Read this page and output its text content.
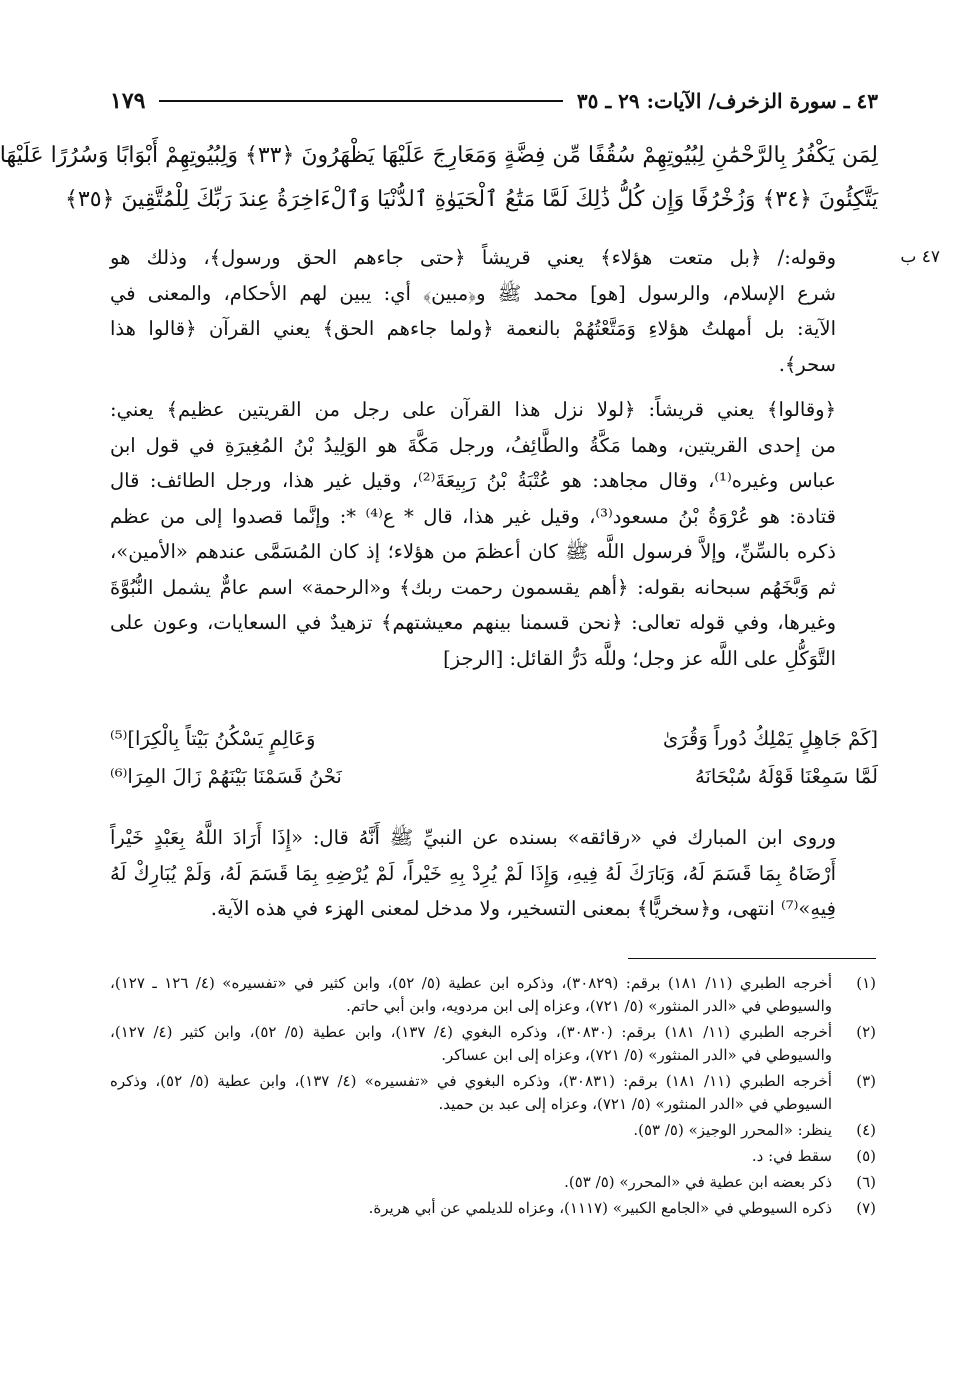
٤٣ ـ سورة الزخرف/ الآيات: ٢٩ ـ ٣٥
١٧٩
لِمَن يَكْفُرُ بِالرَّحْمَٰنِ لِبُيُوتِهِمْ سُقُفًا مِّن فِضَّةٍ وَمَعَارِجَ عَلَيْهَا يَظْهَرُونَ ﴿٣٣﴾ وَلِبُيُوتِهِمْ أَبْوَابًا وَسُرُرًا عَلَيْهَا
يَتَّكِئُونَ ﴿٣٤﴾ وَزُخْرُفًا وَإِن كُلُّ ذَٰلِكَ لَمَّا مَتَٰعُ ٱلْحَيَوٰةِ ٱلدُّنْيَا وَٱلْءَاخِرَةُ عِندَ رَبِّكَ لِلْمُتَّقِينَ ﴿٣٥﴾
٤٧ ب

وقوله:/ ﴿بل متعت هؤلاء﴾ يعني قريشاً ﴿حتى جاءهم الحق ورسول﴾، وذلك هو
شرع الإسلام، والرسول [هو] محمد ﷺ و﴿مبين﴾ أي: يبين لهم الأحكام، والمعنى في
الآية: بل أمهلتُ هؤلاءِ وَمَتَّعْتُهُمْ بالنعمة ﴿ولما جاءهم الحق﴾ يعني القرآن ﴿قالوا هذا
سحر﴾.

﴿وقالوا﴾ يعني قريشاً: ﴿لولا نزل هذا القرآن على رجل من القريتين عظيم﴾ يعني:
من إحدى القريتين، وهما مَكَّةُ والطَّائِفُ، ورجل مَكَّةَ هو الوَلِيدُ بْنُ المُغِيرَةِ في قول ابن
عباس وغيره⁽¹⁾، وقال مجاهد: هو عُتْبَةُ بْنُ رَبِيعَةَ⁽²⁾، وقيل غير هذا، ورجل الطائف: قال
قتادة: هو عُرْوَةُ بْنُ مسعود⁽³⁾، وقيل غير هذا، قال * ع⁽⁴⁾ *: وإنَّما قصدوا إلى من عظم
ذكره بالسِّنِّ، وإلاَّ فرسول اللَّه ﷺ كان أعظمَ من هؤلاء؛ إذ كان المُسَمَّى عندهم «الأمين»،
ثم وَبَّخَهُم سبحانه بقوله: ﴿أهم يقسمون رحمت ربك﴾ و«الرحمة» اسم عامٌّ يشمل النُّبُوَّةَ
وغيرها، وفي قوله تعالى: ﴿نحن قسمنا بينهم معيشتهم﴾ تزهيدٌ في السعايات، وعون على
التَّوَكُّلِ على اللَّه عز وجل؛ وللَّه دَرُّ القائل: [الرجز]

[كَمْ جَاهِلٍ يَمْلِكُ دُوراً وَقُرَىٰ
وَعَالِمٍ يَسْكُنُ بَيْتاً بِالْكِرَا]⁽⁵⁾
لَمَّا سَمِعْنَا قَوْلَهُ سُبْحَانَهُ
نَحْنُ قَسَمْنَا بَيْنَهُمْ زَالَ المِرَا⁽⁶⁾

وروى ابن المبارك في «رقائقه» بسنده عن النبيِّ ﷺ أَنَّهُ قال: «إِذَا أَرَادَ اللَّهُ بِعَبْدٍ خَيْراً
أَرْضَاهُ بِمَا قَسَمَ لَهُ، وَبَارَكَ لَهُ فِيهِ، وَإِذَا لَمْ يُرِدْ بِهِ خَيْراً، لَمْ يُرْضِهِ بِمَا قَسَمَ لَهُ، وَلَمْ يُبَارِكْ لَهُ
فِيهِ»⁽⁷⁾ انتهى، و﴿سخريًّا﴾ بمعنى التسخير، ولا مدخل لمعنى الهزء في هذه الآية.

(١)
أخرجه الطبري (١١/ ١٨١) برقم: (٣٠٨٢٩)، وذكره ابن عطية (٥/ ٥٢)، وابن كثير في «تفسيره» (٤/ ١٢٦ ـ ١٢٧)، والسيوطي في «الدر المنثور» (٥/ ٧٢١)، وعزاه إلى ابن مردويه، وابن أبي حاتم.
(٢)
أخرجه الطبري (١١/ ١٨١) برقم: (٣٠٨٣٠)، وذكره البغوي (٤/ ١٣٧)، وابن عطية (٥/ ٥٢)، وابن كثير (٤/ ١٢٧)، والسيوطي في «الدر المنثور» (٥/ ٧٢١)، وعزاه إلى ابن عساكر.
(٣)
أخرجه الطبري (١١/ ١٨١) برقم: (٣٠٨٣١)، وذكره البغوي في «تفسيره» (٤/ ١٣٧)، وابن عطية (٥/ ٥٢)، وذكره السيوطي في «الدر المنثور» (٥/ ٧٢١)، وعزاه إلى عبد بن حميد.
(٤)
ينظر: «المحرر الوجيز» (٥/ ٥٣).
(٥)
سقط في: د.
(٦)
ذكر بعضه ابن عطية في «المحرر» (٥/ ٥٣).
(٧)
ذكره السيوطي في «الجامع الكبير» (١١١٧)، وعزاه للديلمي عن أبي هريرة.
